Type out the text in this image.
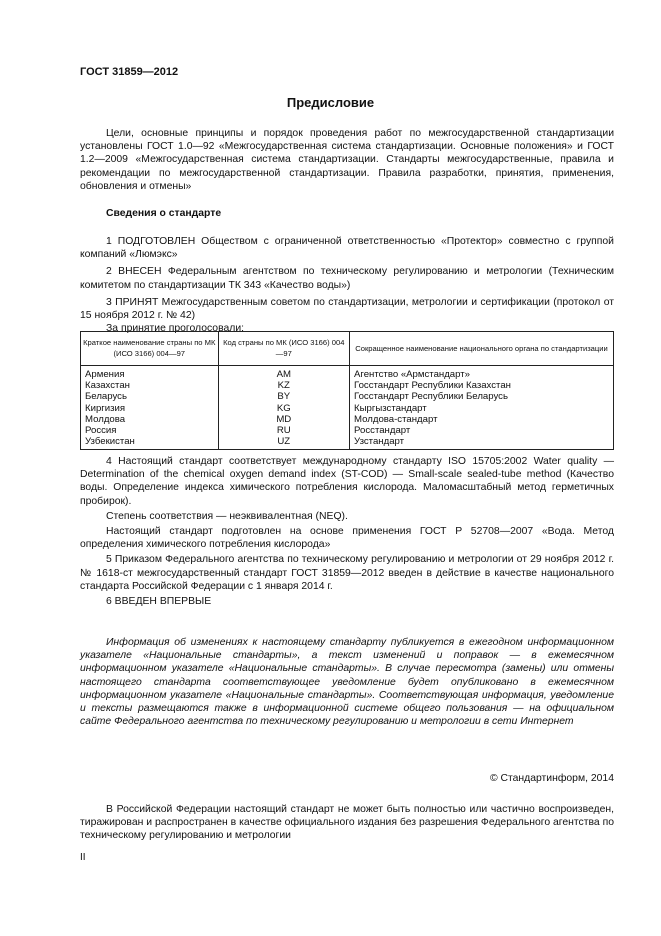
ГОСТ 31859—2012
Предисловие

Цели, основные принципы и порядок проведения работ по межгосударственной стандартизации установлены ГОСТ 1.0—92 «Межгосударственная система стандартизации. Основные положения» и ГОСТ 1.2—2009 «Межгосударственная система стандартизации. Стандарты межгосударственные, правила и рекомендации по межгосударственной стандартизации. Правила разработки, принятия, применения, обновления и отмены»

Сведения о стандарте

1 ПОДГОТОВЛЕН Обществом с ограниченной ответственностью «Протектор» совместно с группой компаний «Люмэкс»

2 ВНЕСЕН Федеральным агентством по техническому регулированию и метрологии (Техническим комитетом по стандартизации ТК 343 «Качество воды»)

3 ПРИНЯТ Межгосударственным советом по стандартизации, метрологии и сертификации (протокол от 15 ноября 2012 г. № 42)

За принятие проголосовали:

Краткое наименование страны по МК (ИСО 3166) 004—97	Код страны по МК (ИСО 3166) 004—97	Сокращенное наименование национального органа по стандартизации
Армения	AM	Агентство «Армстандарт»
Казахстан	KZ	Госстандарт Республики Казахстан
Беларусь	BY	Госстандарт Республики Беларусь
Киргизия	KG	Кыргызстандарт
Молдова	MD	Молдова-стандарт
Россия	RU	Росстандарт
Узбекистан	UZ	Узстандарт

4 Настоящий стандарт соответствует международному стандарту ISO 15705:2002 Water quality — Determination of the chemical oxygen demand index (ST-COD) — Small-scale sealed-tube method (Качество воды. Определение индекса химического потребления кислорода. Маломасштабный метод герметичных пробирок).

Степень соответствия — неэквивалентная (NEQ).

Настоящий стандарт подготовлен на основе применения ГОСТ Р 52708—2007 «Вода. Метод определения химического потребления кислорода»

5 Приказом Федерального агентства по техническому регулированию и метрологии от 29 ноября 2012 г. № 1618-ст межгосударственный стандарт ГОСТ 31859—2012 введен в действие в качестве национального стандарта Российской Федерации с 1 января 2014 г.

6 ВВЕДЕН ВПЕРВЫЕ

Информация об изменениях к настоящему стандарту публикуется в ежегодном информационном указателе «Национальные стандарты», а текст изменений и поправок — в ежемесячном информационном указателе «Национальные стандарты». В случае пересмотра (замены) или отмены настоящего стандарта соответствующее уведомление будет опубликовано в ежемесячном информационном указателе «Национальные стандарты». Соответствующая информация, уведомление и тексты размещаются также в информационной системе общего пользования — на официальном сайте Федерального агентства по техническому регулированию и метрологии в сети Интернет

© Стандартинформ, 2014

В Российской Федерации настоящий стандарт не может быть полностью или частично воспроизведен, тиражирован и распространен в качестве официального издания без разрешения Федерального агентства по техническому регулированию и метрологии

II
